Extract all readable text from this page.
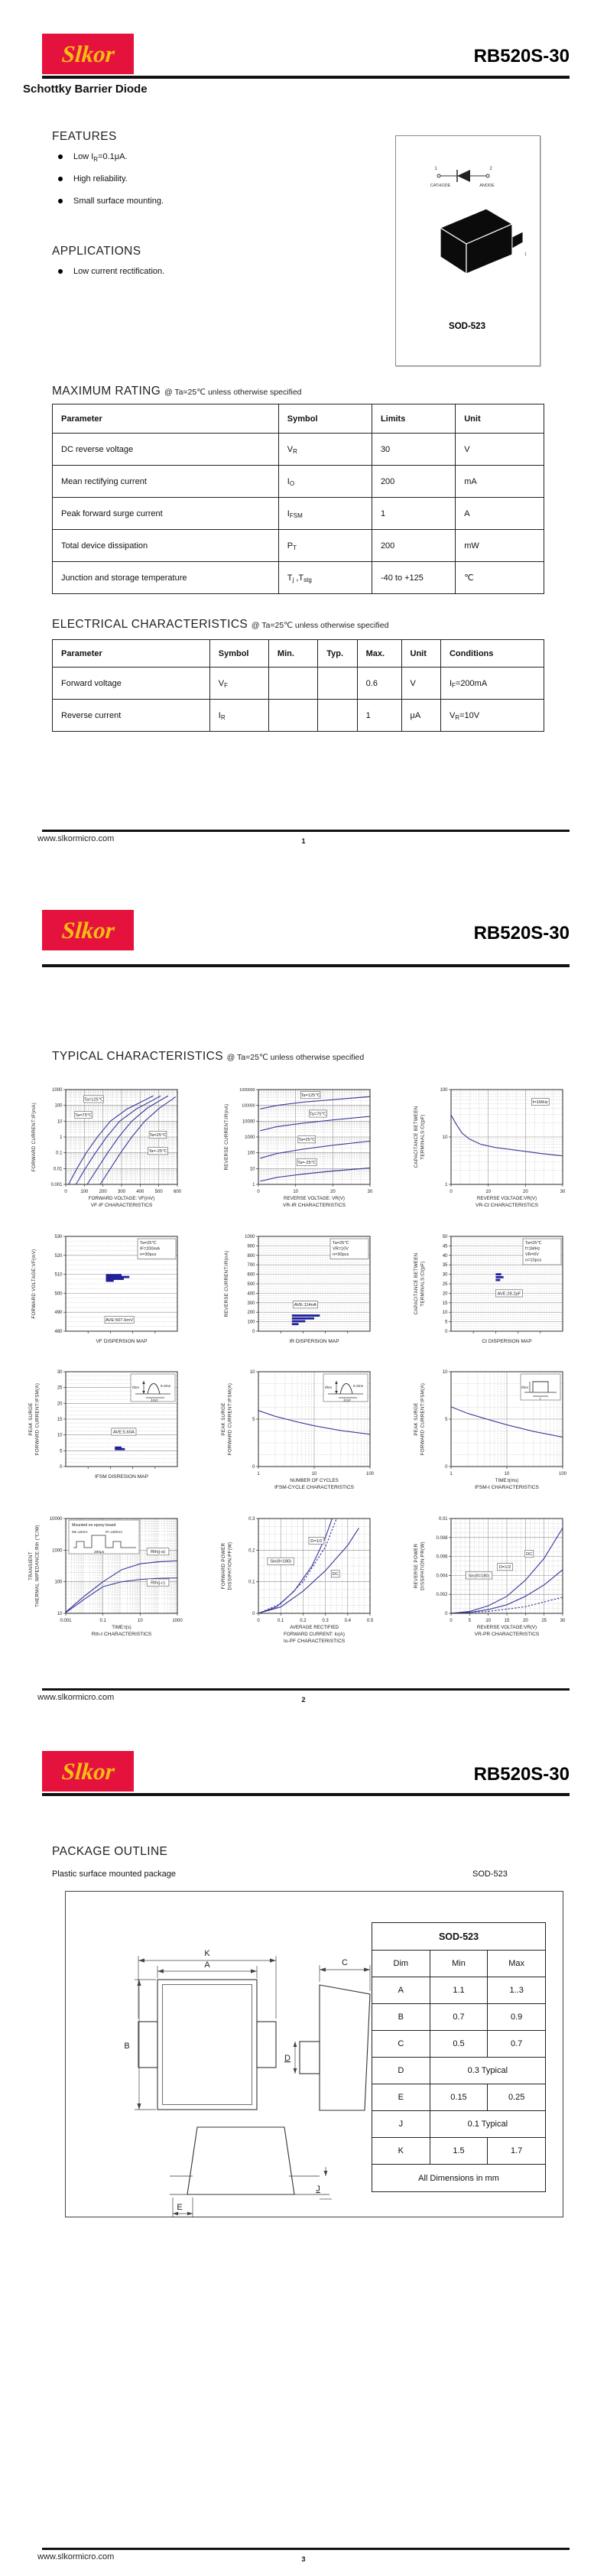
Slkor	RB520S-30
Schottky Barrier Diode
FEATURES
Low $I_R=0.1\mu A$.
High reliability.
Small surface mounting.
APPLICATIONS
Low current rectification.
1	2
CATHODE	ANODE
2
1
SOD-523
MAXIMUM RATING @ Ta=25℃ unless otherwise specified
Parameter	Symbol	Limits	Unit
DC reverse voltage	$V_R$	30	V
Mean rectifying current	$I_O$	200	mA
Peak forward surge current	$I_{FSM}$	1	A
Total device dissipation	$P_T$	200	mW
Junction and storage temperature	$T_j$ $,T_{stg}$	-40 to +125	℃
ELECTRICAL CHARACTERISTICS @ Ta=25℃ unless otherwise specified
Parameter	Symbol	Min.	Typ.	Max.	Unit	Conditions
Forward voltage	$V_F$			0.6	V	$I_F=200mA$
Reverse current	$I_R$			1	μA	$V_R=10V$
www.slkormicro.com	1
Slkor	RB520S-30
TYPICAL CHARACTERISTICS @ Ta=25℃ unless otherwise specified
0.001
0.01
0.1
1
10
100
1000
0	100 200 300 400 500 600
FORWARD CURRENT:IF(mA)
FORWARD VOLTAGE: VF(mV)
VF-IF CHARACTERISTICS
Ta=125℃
Ta=75℃
Ta=25℃
Ta=-25℃
1
10
100
1000
10000
100000
1000000
0	10	20	30
REVERSE CURRENT:IR(nA)
REVERSE VOLTAGE: VR(V)
VR-IR CHARACTERISTICS
Ta=125℃
Ta=75℃
Ta=25℃
Ta=-25℃
1
10
100
0	10	20	30
CAPACITANCE BETWEEN TERMINALS:Ct(pF)
REVERSE VOLTAGE:VR(V)
VR-Ct CHARACTERISTICS
f=1MHz
480
490
500
510
520
530
FORWARD VOLTAGE:VF(mV)
VF DISPERSION MAP
Ta=25℃
IF=200mA
n=30pcs
AVE:507.6mV
0
100
200
300
400
500
600
700
800
900
1000
REVERSE CURRENT:IR(nA)
IR DISPERSION MAP
Ta=25℃
VR=10V
n=30pcs
AVE:114nA
0
5
10
15
20
25
30
35
40
45
50
CAPACITANCE BETWEEN TERMINALS:Ct(pF)
Ct DISPERSION MAP
Ta=25℃
f=1MHz
VR=0V
n=10pcs
AVE:28.2pF
0
5
10
15
20
25
30
PEAK SURGE FORWARD CURRENT:IFSM(A)
IFSM DISRESION MAP
AVE:5.60A
Ifsm	8.3ms
1cyc
0
5
10
1	10	100
PEAK SURGE FORWARD CURRENT:IFSM(A)
NUMBER OF CYCLES
IFSM-CYCLE CHARACTERISTICS
Ifsm	8.3ms
1cyc
0
5
10
1	10	100
PEAK SURGE FORWARD CURRENT:IFSM(A)
TIME:t(ms)
IFSM-t CHARACTERISTICS
Ifsm
t
10
100
1000
10000
0.001	0.1	10	1000
TRANSIENT THERMAL IMPEDANCE:Rth (℃/W)
TIME:t(s)
Rth-t CHARACTERISTICS
Rth(j-a)
Rth(j-c)
Mounted on epoxy board
IM=10mA	IF=100mA
200μs
0
0.1
0.2
0.3
0	0.1	0.2	0.3	0.4	0.5
FORWARD POWER DISSIPATION:PF(W)
AVERAGE RECTIFIED
FORWARD CURRENT: Io(A)
Io-PF CHARACTERISTICS
D=1/2
Sin(θ=180)
DC
0
0.002
0.004
0.006
0.008
0.01
0	5	10	15	20	25	30
REVERSE POWER DISSIPATION:PR(W)
REVERSE VOLTAGE:VR(V)
VR-PR CHARACTERISTICS
DC
D=1/2
Sin(θ=180)
www.slkormicro.com	2
Slkor	RB520S-30
PACKAGE OUTLINE
Plastic surface mounted package	SOD-523
K
A
B
C
D
J
E
SOD-523		
Dim	Min	Max
A	1.1	1..3
B	0.7	0.9
C	0.5	0.7
D	0.3 Typical	
E	0.15	0.25
J	0.1 Typical	
K	1.5	1.7
All Dimensions in mm		
www.slkormicro.com	3
